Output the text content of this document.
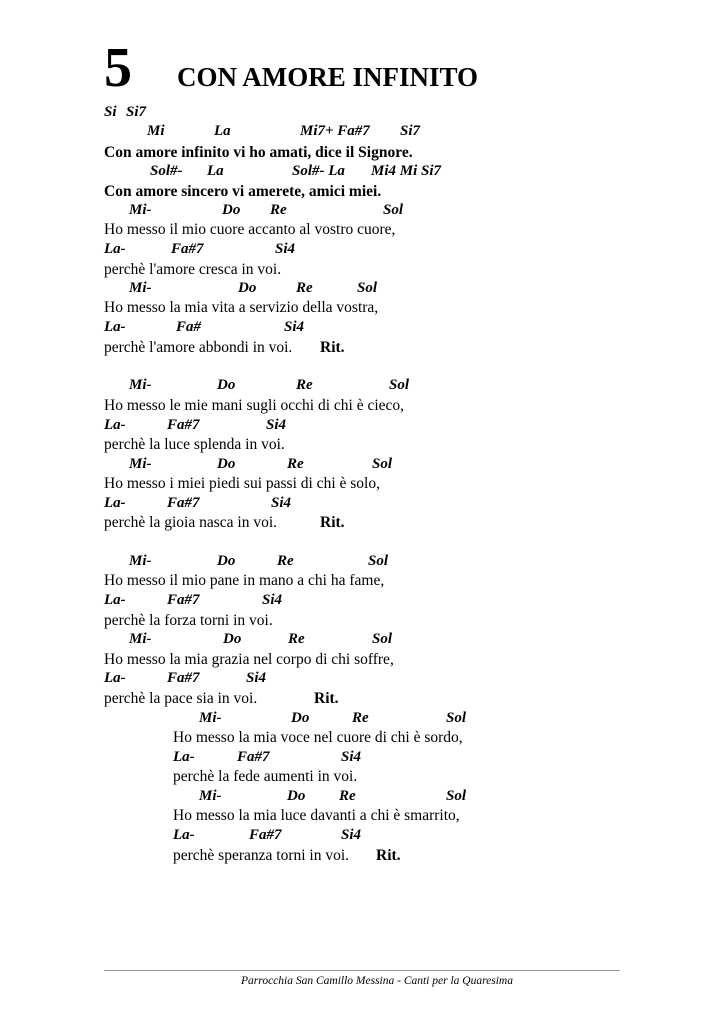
5 CON AMORE INFINITO
Si Si7
Mi	La	Mi7+ Fa#7 Si7
Con amore infinito vi ho amati, dice il Signore.
Sol#- La	Sol#- La Mi4 Mi Si7
Con amore sincero vi amerete, amici miei.
Mi-	Do Re	Sol
Ho messo il mio cuore accanto al vostro cuore,
La-	Fa#7	Si4
perchè l'amore cresca in voi.
Mi-	Do	Re	Sol
Ho messo la mia vita a servizio della vostra,
La-	Fa#	Si4
perchè l'amore abbondi in voi. Rit.
Mi-	Do	Re	Sol
Ho messo le mie mani sugli occhi di chi è cieco,
La-	Fa#7	Si4
perchè la luce splenda in voi.
Mi-	Do	Re	Sol
Ho messo i miei piedi sui passi di chi è solo,
La-	Fa#7	Si4
perchè la gioia nasca in voi.	Rit.
Mi-	Do	Re	Sol
Ho messo il mio pane in mano a chi ha fame,
La-	Fa#7	Si4
perchè la forza torni in voi.
Mi-	Do	Re	Sol
Ho messo la mia grazia nel corpo di chi soffre,
La-	Fa#7	Si4
perchè la pace sia in voi.	Rit.
Mi-	Do	Re	Sol
Ho messo la mia voce nel cuore di chi è sordo,
La-	Fa#7	Si4
perchè la fede aumenti in voi.
Mi-	Do Re	Sol
Ho messo la mia luce davanti a chi è smarrito,
La-	Fa#7	Si4
perchè speranza torni in voi. Rit.
Parrocchia San Camillo Messina - Canti per la Quaresima
